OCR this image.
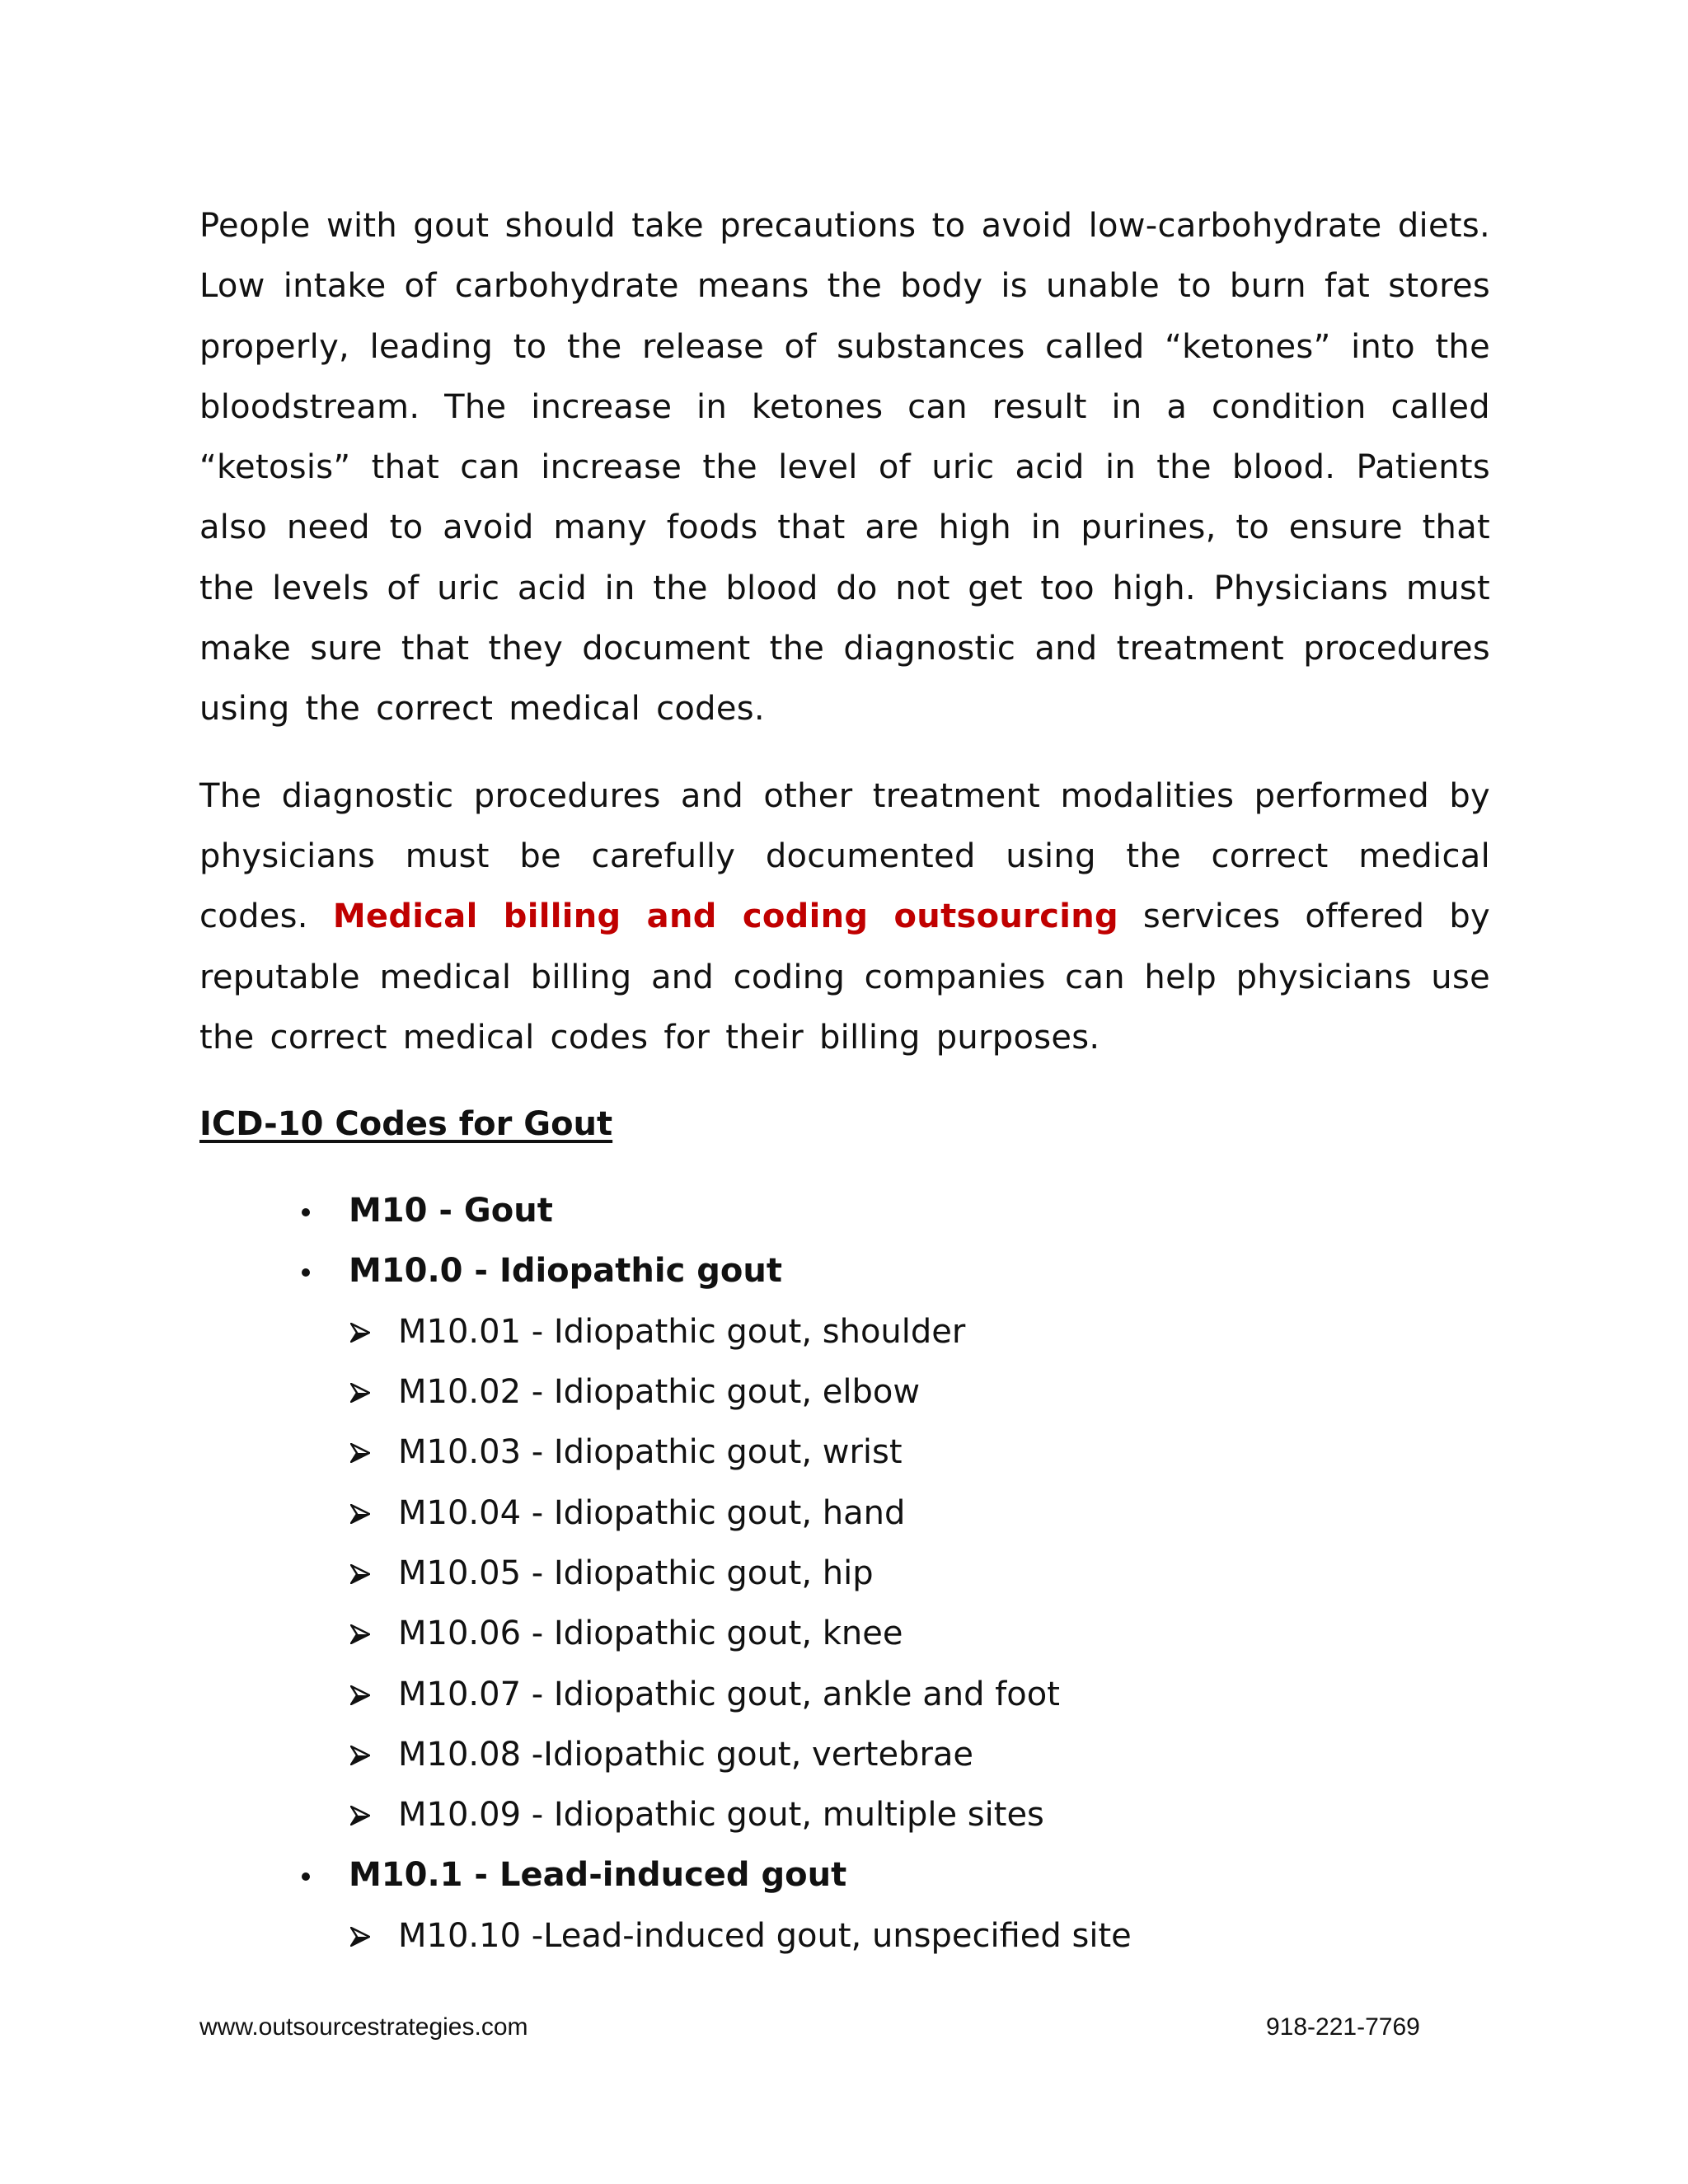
People with gout should take precautions to avoid low-carbohydrate diets. Low intake of carbohydrate means the body is unable to burn fat stores properly, leading to the release of substances called “ketones” into the bloodstream. The increase in ketones can result in a condition called “ketosis” that can increase the level of uric acid in the blood. Patients also need to avoid many foods that are high in purines, to ensure that the levels of uric acid in the blood do not get too high. Physicians must make sure that they document the diagnostic and treatment procedures using the correct medical codes.

The diagnostic procedures and other treatment modalities performed by physicians must be carefully documented using the correct medical codes. Medical billing and coding outsourcing services offered by reputable medical billing and coding companies can help physicians use the correct medical codes for their billing purposes.

ICD-10 Codes for Gout
M10 - Gout
M10.0 - Idiopathic gout
M10.01 - Idiopathic gout, shoulder
M10.02 - Idiopathic gout, elbow
M10.03 - Idiopathic gout, wrist
M10.04 - Idiopathic gout, hand
M10.05 - Idiopathic gout, hip
M10.06 - Idiopathic gout, knee
M10.07 - Idiopathic gout, ankle and foot
M10.08 -Idiopathic gout, vertebrae
M10.09 - Idiopathic gout, multiple sites
M10.1 - Lead-induced gout
M10.10 -Lead-induced gout, unspecified site
www.outsourcestrategies.com	918-221-7769
